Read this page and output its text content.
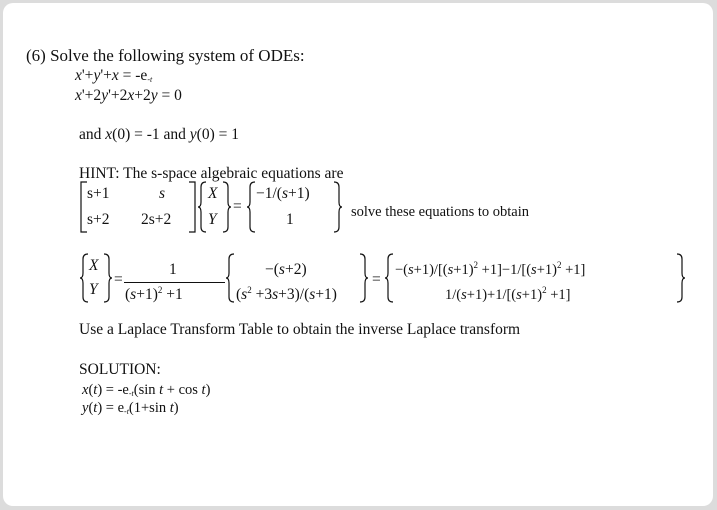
(6) Solve the following system of ODEs:
$x'+y'+x = -e_{-t}$
x'+2y'+2x+2y = 0
and x(0) = -1 and y(0) = 1
HINT: The s-space algebraic equations are
s+1	s
s+2 2s+2
X
Y
=
−1/(s+1)
1	solve these equations to obtain
X
Y
=
1
$(s+1)^2 +1$
−(s+2)
$(s^2 +3s+3)/(s+1)$
=
$-(s+1)/[(s+1)^2 +1]-1/[(s+1)^2 +1]$
$1/(s+1)+1/[(s+1)^2 +1]$
Use a Laplace Transform Table to obtain the inverse Laplace transform
SOLUTION:
$x(t) = -e_{-t}(\sin$ t + cos t)
$y(t) = e_{-t}(1+\sin$ t)
